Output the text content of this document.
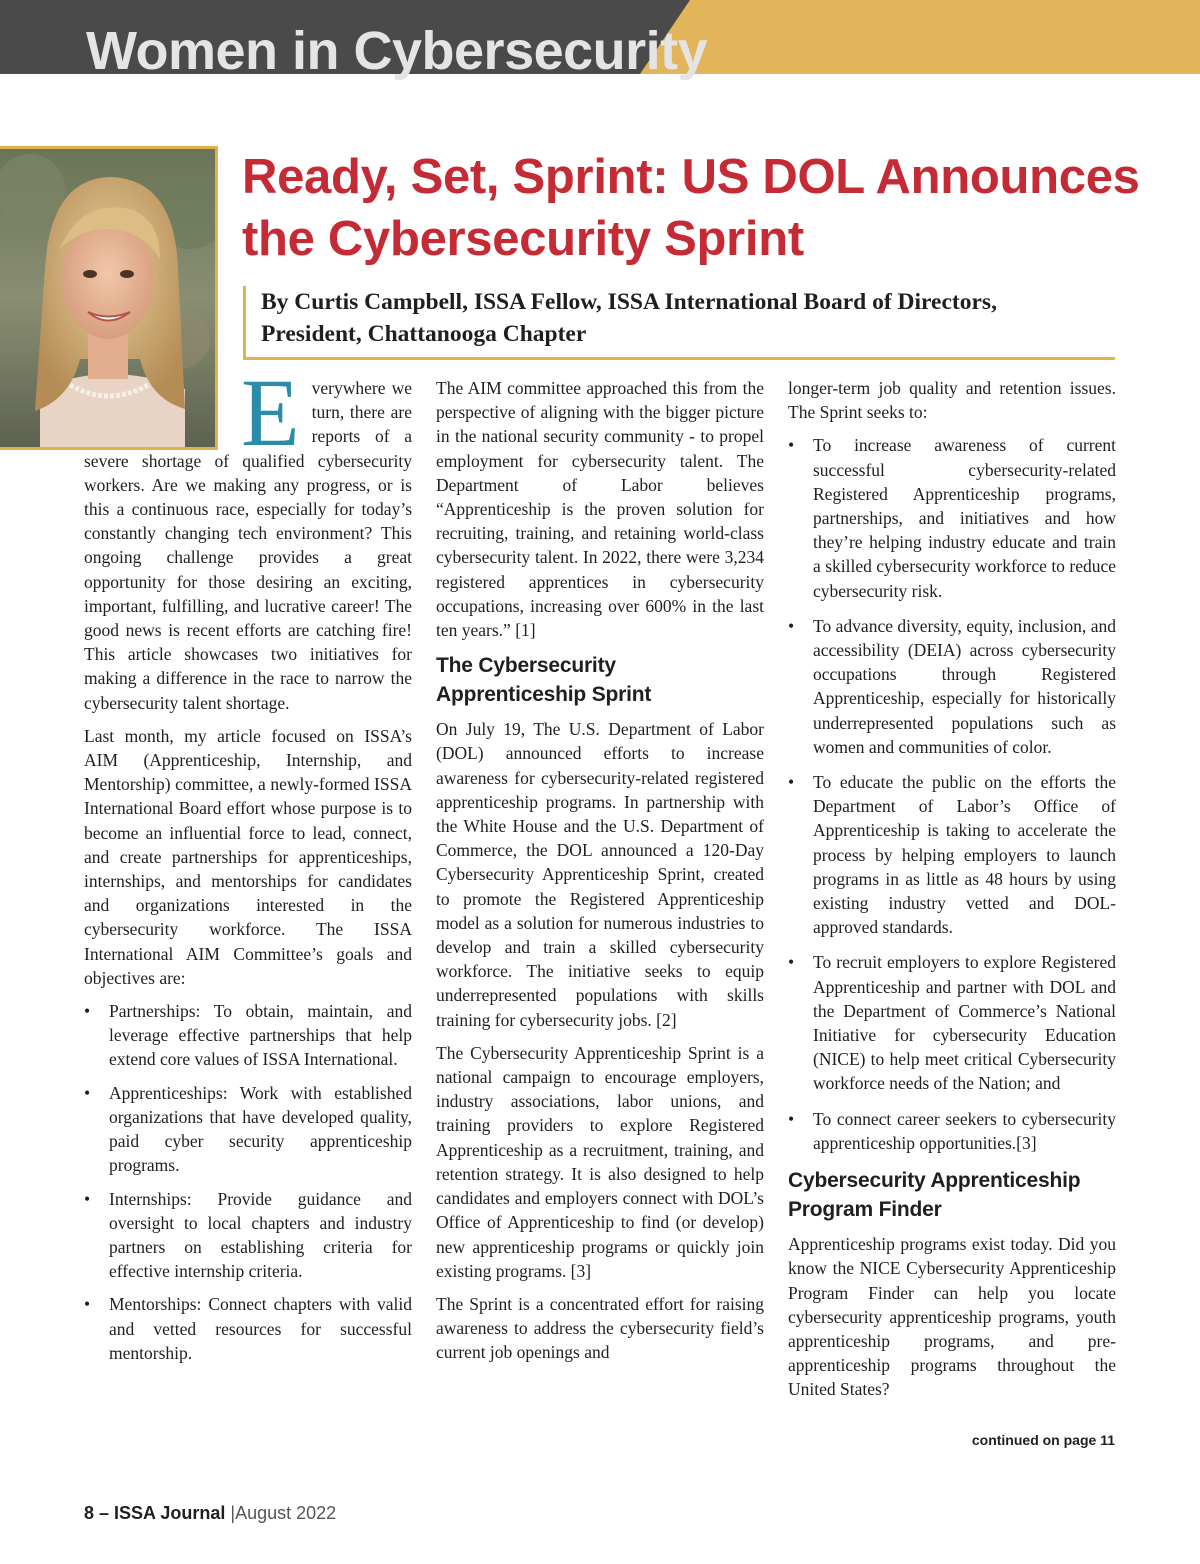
Women in Cybersecurity
Ready, Set, Sprint: US DOL Announces the Cybersecurity Sprint

By Curtis Campbell, ISSA Fellow, ISSA International Board of Directors,

President, Chattanooga Chapter

Everywhere we turn, there are reports of a severe shortage of qualified cybersecurity workers. Are we making any progress, or is this a continuous race, especially for today’s constantly changing tech environment? This ongoing challenge provides a great opportunity for those desiring an exciting, important, fulfilling, and lucrative career! The good news is recent efforts are catching fire! This article showcases two initiatives for making a difference in the race to narrow the cybersecurity talent shortage.

Last month, my article focused on ISSA’s AIM (Apprenticeship, Internship, and Mentorship) committee, a newly-formed ISSA International Board effort whose purpose is to become an influential force to lead, connect, and create partnerships for apprenticeships, internships, and mentorships for candidates and organizations interested in the cybersecurity workforce. The ISSA International AIM Committee’s goals and objectives are:

• Partnerships: To obtain, maintain, and leverage effective partnerships that help extend core values of ISSA International.
• Apprenticeships: Work with established organizations that have developed quality, paid cyber security apprenticeship programs.
• Internships: Provide guidance and oversight to local chapters and industry partners on establishing criteria for effective internship criteria.
• Mentorships: Connect chapters with valid and vetted resources for successful mentorship.

The AIM committee approached this from the perspective of aligning with the bigger picture in the national security community - to propel employment for cybersecurity talent. The Department of Labor believes “Apprenticeship is the proven solution for recruiting, training, and retaining world-class cybersecurity talent. In 2022, there were 3,234 registered apprentices in cybersecurity occupations, increasing over 600% in the last ten years.” [1]

The Cybersecurity Apprenticeship Sprint

On July 19, The U.S. Department of Labor (DOL) announced efforts to increase awareness for cybersecurity-related registered apprenticeship programs. In partnership with the White House and the U.S. Department of Commerce, the DOL announced a 120-Day Cybersecurity Apprenticeship Sprint, created to promote the Registered Apprenticeship model as a solution for numerous industries to develop and train a skilled cybersecurity workforce. The initiative seeks to equip underrepresented populations with skills training for cybersecurity jobs. [2]

The Cybersecurity Apprenticeship Sprint is a national campaign to encourage employers, industry associations, labor unions, and training providers to explore Registered Apprenticeship as a recruitment, training, and retention strategy. It is also designed to help candidates and employers connect with DOL’s Office of Apprenticeship to find (or develop) new apprenticeship programs or quickly join existing programs. [3]

The Sprint is a concentrated effort for raising awareness to address the cybersecurity field’s current job openings and

longer-term job quality and retention issues. The Sprint seeks to:

• To increase awareness of current successful cybersecurity-related Registered Apprenticeship programs, partnerships, and initiatives and how they’re helping industry educate and train a skilled cybersecurity workforce to reduce cybersecurity risk.
• To advance diversity, equity, inclusion, and accessibility (DEIA) across cybersecurity occupations through Registered Apprenticeship, especially for historically underrepresented populations such as women and communities of color.
• To educate the public on the efforts the Department of Labor’s Office of Apprenticeship is taking to accelerate the process by helping employers to launch programs in as little as 48 hours by using existing industry vetted and DOL- approved standards.
• To recruit employers to explore Registered Apprenticeship and partner with DOL and the Department of Commerce’s National Initiative for cybersecurity Education (NICE) to help meet critical Cybersecurity workforce needs of the Nation; and
• To connect career seekers to cybersecurity apprenticeship opportunities.[3]
Cybersecurity Apprenticeship Program Finder

Apprenticeship programs exist today. Did you know the NICE Cybersecurity Apprenticeship Program Finder can help you locate cybersecurity apprenticeship programs, youth apprenticeship programs, and pre-apprenticeship programs throughout the United States?

continued on page 11
8 – ISSA Journal |August 2022
